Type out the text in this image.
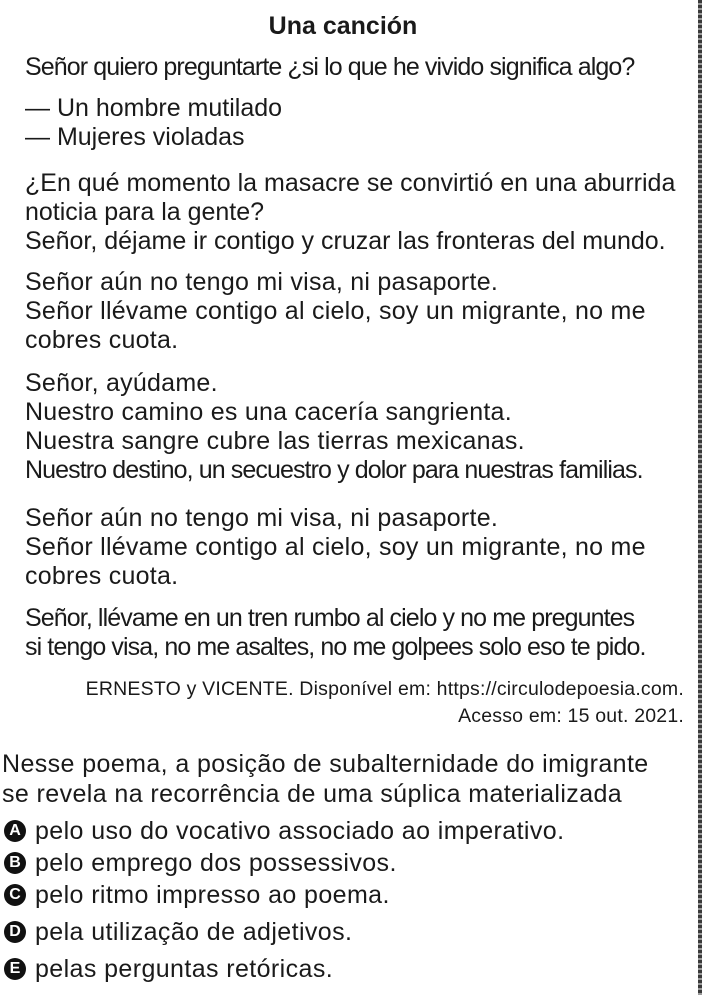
Una canción
Señor quiero preguntarte ¿si lo que he vivido significa algo?
— Un hombre mutilado
— Mujeres violadas
¿En qué momento la masacre se convirtió en una aburrida
noticia para la gente?
Señor, déjame ir contigo y cruzar las fronteras del mundo.
Señor aún no tengo mi visa, ni pasaporte.
Señor llévame contigo al cielo, soy un migrante, no me
cobres cuota.
Señor, ayúdame.
Nuestro camino es una cacería sangrienta.
Nuestra sangre cubre las tierras mexicanas.
Nuestro destino, un secuestro y dolor para nuestras familias.
Señor aún no tengo mi visa, ni pasaporte.
Señor llévame contigo al cielo, soy un migrante, no me
cobres cuota.
Señor, llévame en un tren rumbo al cielo y no me preguntes
si tengo visa, no me asaltes, no me golpees solo eso te pido.
ERNESTO y VICENTE. Disponível em: https://circulodepoesia.com.
Acesso em: 15 out. 2021.
Nesse poema, a posição de subalternidade do imigrante
se revela na recorrência de uma súplica materializada
A pelo uso do vocativo associado ao imperativo.
B pelo emprego dos possessivos.
C pelo ritmo impresso ao poema.
D pela utilização de adjetivos.
E pelas perguntas retóricas.
